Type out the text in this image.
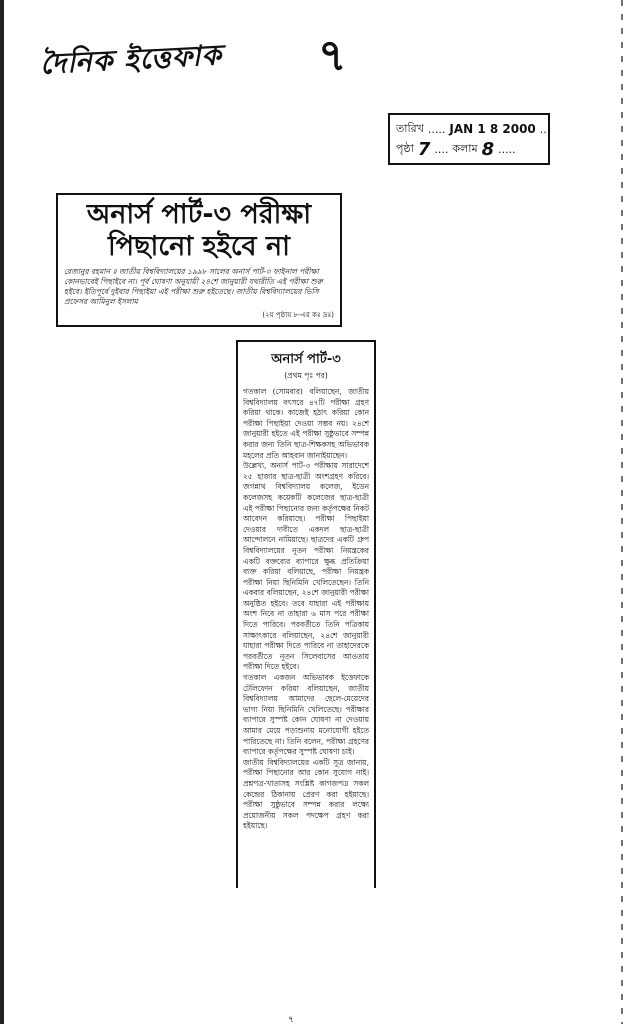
দৈনিক ইত্তেফাক ৭
তারিখ ..... JAN 1 8 2000 ...
পৃষ্ঠা 7 .... কলাম 8 .....
অনার্স পার্ট-৩ পরীক্ষা
পিছানো হইবে না
রেজানুর রহমান ॥ জাতীয় বিশ্ববিদ্যালয়ের ১৯৯৮ সালের অনার্স পার্ট-৩ ফাইনাল পরীক্ষা কোনভাবেই পিছাইবে না। পূর্ব ঘোষণা অনুযায়ী ২৪শে জানুয়ারী যথারীতি এই পরীক্ষা শুরু হইবে। ইতিপূর্বে দুইবার পিছাইয়া এই পরীক্ষা শুরু হইতেছে। জাতীয় বিশ্ববিদ্যালয়ের ভিসি প্রফেসর আমিনুল ইসলাম
(২য় পৃষ্ঠায় ৮-এর কঃ দ্রঃ)
অনার্স পার্ট-৩
(প্রথম পৃঃ পর)

গতকাল (সোমবার) বলিয়াছেন, জাতীয় বিশ্ববিদ্যালয় বৎসরে ৪৭টি পরীক্ষা গ্রহণ করিয়া থাকে। কাজেই হঠাৎ করিয়া কোন পরীক্ষা পিছাইয়া দেওয়া সম্ভব নয়। ২৪শে জানুয়ারী হইতে এই পরীক্ষা সুষ্ঠুভাবে সম্পন্ন করার জন্য তিনি ছাত্র-শিক্ষকসহ অভিভাবক মহলের প্রতি আহবান জানাইয়াছেন।

উল্লেখ্য, অনার্স পার্ট-৩ পরীক্ষায় সারাদেশে ২৫ হাজার ছাত্র-ছাত্রী অংশগ্রহণ করিবে। জগন্নাথ বিশ্ববিদ্যালয় কলেজ, ইডেন কলেজসহ কয়েকটি কলেজের ছাত্র-ছাত্রী এই পরীক্ষা পিছানোর জন্য কর্তৃপক্ষের নিকট আবেদন করিয়াছে। পরীক্ষা পিছাইয়া দেওয়ার দাবীতে একদল ছাত্র-ছাত্রী আন্দোলনে নামিয়াছে। ছাত্রদের একটি গ্রুপ বিশ্ববিদ্যালয়ের নূতন পরীক্ষা নিয়ন্ত্রকের একটি বক্তব্যের ব্যাপারে ক্ষুব্ধ প্রতিক্রিয়া ব্যক্ত করিয়া বলিয়াছে, পরীক্ষা নিয়ন্ত্রক পরীক্ষা নিয়া ছিনিমিনি খেলিতেছেন। তিনি একবার বলিয়াছেন, ২৪শে জানুয়ারী পরীক্ষা অনুষ্ঠিত হইবে। তবে যাহারা এই পরীক্ষায় অংশ নিবে না তাহারা ৬ মাস পরে পরীক্ষা দিতে পারিবে। পরবর্তীতে তিনি পত্রিকায় সাক্ষাৎকারে বলিয়াছেন, ২৪শে জানুয়ারী যাহারা পরীক্ষা দিতে পারিবে না তাহাদেরকে পরবর্তীতে নূতন সিলেবাসের আওতায় পরীক্ষা দিতে হইবে।

গতকাল একজন অভিভাবক ইত্তেফাকে টেলিফোন করিয়া বলিয়াছেন, জাতীয় বিশ্ববিদ্যালয় আমাদের ছেলে-মেয়েদের ভাগ্য নিয়া ছিনিমিনি খেলিতেছে। পরীক্ষার ব্যাপারে সুস্পষ্ট কোন ঘোষণা না দেওয়ায় আমার মেয়ে পড়াশুনায় মনোযোগী হইতে পারিতেছে না। তিনি বলেন, পরীক্ষা গ্রহণের ব্যাপারে কর্তৃপক্ষের সুস্পষ্ট ঘোষণা চাই।

জাতীয় বিশ্ববিদ্যালয়ের একটি সূত্র জানায়, পরীক্ষা পিছানোর আর কোন সুযোগ নাই। প্রশ্নপত্র-খাতাসহ সংশ্লিষ্ট কাগজপত্র সকল কেন্দ্রের ঠিকানায় প্রেরণ করা হইয়াছে। পরীক্ষা সুষ্ঠুভাবে সম্পন্ন করার লক্ষ্যে প্রয়োজনীয় সকল পদক্ষেপ গ্রহণ করা হইয়াছে।

৭
